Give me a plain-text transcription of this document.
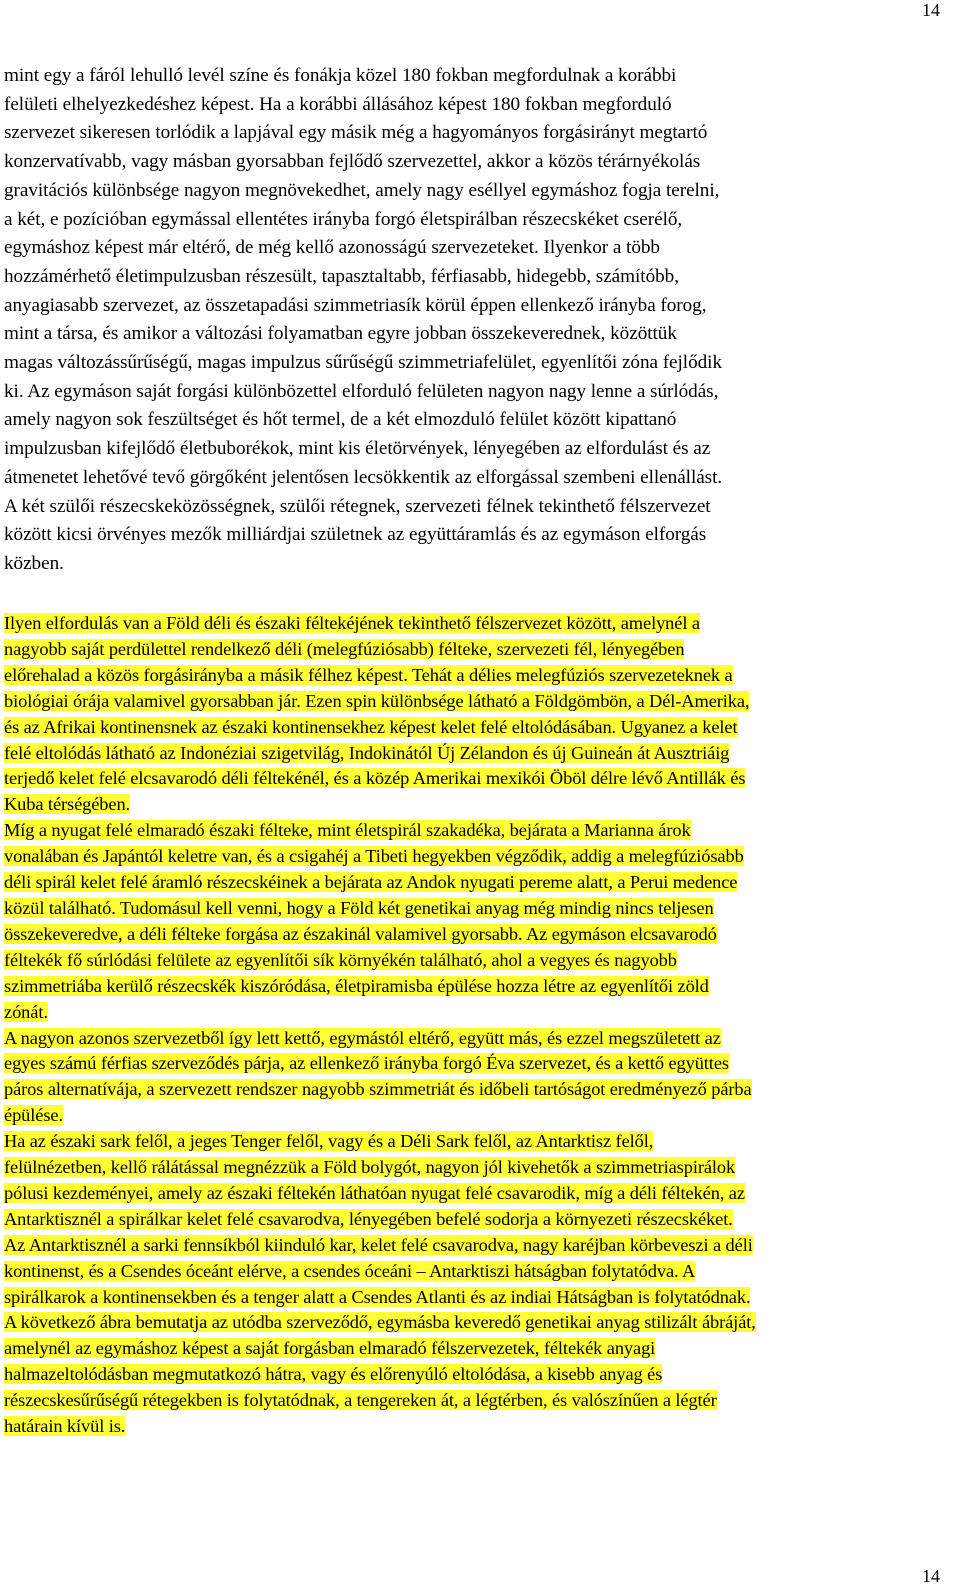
14
mint egy a fáról lehulló levél színe és fonákja közel 180 fokban megfordulnak a korábbi
felületi elhelyezkedéshez képest. Ha a korábbi állásához képest 180 fokban megforduló
szervezet sikeresen torlódik a lapjával egy másik még a hagyományos forgásirányt megtartó
konzervatívabb, vagy másban gyorsabban fejlődő szervezettel, akkor a közös térárnyékolás
gravitációs különbsége nagyon megnövekedhet, amely nagy eséllyel egymáshoz fogja terelni,
a két, e pozícióban egymással ellentétes irányba forgó életspirálban részecskéket cserélő,
egymáshoz képest már eltérő, de még kellő azonosságú szervezeteket. Ilyenkor a több
hozzámérhető életimpulzusban részesült, tapasztaltabb, férfiasabb, hidegebb, számítóbb,
anyagiasabb szervezet, az összetapadási szimmetriasík körül éppen ellenkező irányba forog,
mint a társa, és amikor a változási folyamatban egyre jobban összekeverednek, közöttük
magas változássűrűségű, magas impulzus sűrűségű szimmetriafelület, egyenlítői zóna fejlődik
ki. Az egymáson saját forgási különbözettel elforduló felületen nagyon nagy lenne a súrlódás,
amely nagyon sok feszültséget és hőt termel, de a két elmozduló felület között kipattanó
impulzusban kifejlődő életbuborékok, mint kis életörvények, lényegében az elfordulást és az
átmenetet lehetővé tevő görgőként jelentősen lecsökkentik az elforgással szembeni ellenállást.
A két szülői részecskeközösségnek, szülői rétegnek, szervezeti félnek tekinthető félszervezet
között kicsi örvényes mezők milliárdjai születnek az együttáramlás és az egymáson elforgás
közben.
Ilyen elfordulás van a Föld déli és északi féltekéjének tekinthető félszervezet között, amelynél a
nagyobb saját perdülettel rendelkező déli (melegfúziósabb) félteke, szervezeti fél, lényegében
előrehalad a közös forgásirányba a másik félhez képest. Tehát a délies melegfúziós szervezeteknek a
biológiai órája valamivel gyorsabban jár. Ezen spin különbsége látható a Földgömbön, a Dél-Amerika,
és az Afrikai kontinensnek az északi kontinensekhez képest kelet felé eltolódásában. Ugyanez a kelet
felé eltolódás látható az Indonéziai szigetvilág, Indokinától Új Zélandon és új Guineán át Ausztriáig
terjedő kelet felé elcsavarodó déli féltekénél, és a közép Amerikai mexikói Öböl délre lévő Antillák és
Kuba térségében.
Míg a nyugat felé elmaradó északi félteke, mint életspirál szakadéka, bejárata a Marianna árok
vonalában és Japántól keletre van, és a csigahéj a Tibeti hegyekben végződik, addig a melegfúziósabb
déli spirál kelet felé áramló részecskéinek a bejárata az Andok nyugati pereme alatt, a Perui medence
közül található. Tudomásul kell venni, hogy a Föld két genetikai anyag még mindig nincs teljesen
összekeveredve, a déli félteke forgása az északinál valamivel gyorsabb. Az egymáson elcsavarodó
féltekék fő súrlódási felülete az egyenlítői sík környékén található, ahol a vegyes és nagyobb
szimmetriába kerülő részecskék kiszóródása, életpiramisba épülése hozza létre az egyenlítői zöld
zónát.
A nagyon azonos szervezetből így lett kettő, egymástól eltérő, együtt más, és ezzel megszületett az
egyes számú férfias szerveződés párja, az ellenkező irányba forgó Éva szervezet, és a kettő együttes
páros alternatívája, a szervezett rendszer nagyobb szimmetriát és időbeli tartóságot eredményező párba
épülése.
Ha az északi sark felől, a jeges Tenger felől, vagy és a Déli Sark felől, az Antarktisz felől,
felülnézetben, kellő rálátással megnézzük a Föld bolygót, nagyon jól kivehetők a szimmetriaspirálok
pólusi kezdeményei, amely az északi féltekén láthatóan nyugat felé csavarodik, míg a déli féltekén, az
Antarktisznél a spirálkar kelet felé csavarodva, lényegében befelé sodorja a környezeti részecskéket.
Az Antarktisznél a sarki fennsíkból kiinduló kar, kelet felé csavarodva, nagy karéjban körbeveszi a déli
kontinenst, és a Csendes óceánt elérve, a csendes óceáni – Antarktiszi hátságban folytatódva. A
spirálkarok a kontinensekben és a tenger alatt a Csendes Atlanti és az indiai Hátságban is folytatódnak.
A következő ábra bemutatja az utódba szerveződő, egymásba keveredő genetikai anyag stilizált ábráját,
amelynél az egymáshoz képest a saját forgásban elmaradó félszervezetek, féltekék anyagi
halmazeltolódásban megmutatkozó hátra, vagy és előrenyúló eltolódása, a kisebb anyag és
részecskesűrűségű rétegekben is folytatódnak, a tengereken át, a légtérben, és valószínűen a légtér
határain kívül is.
14
